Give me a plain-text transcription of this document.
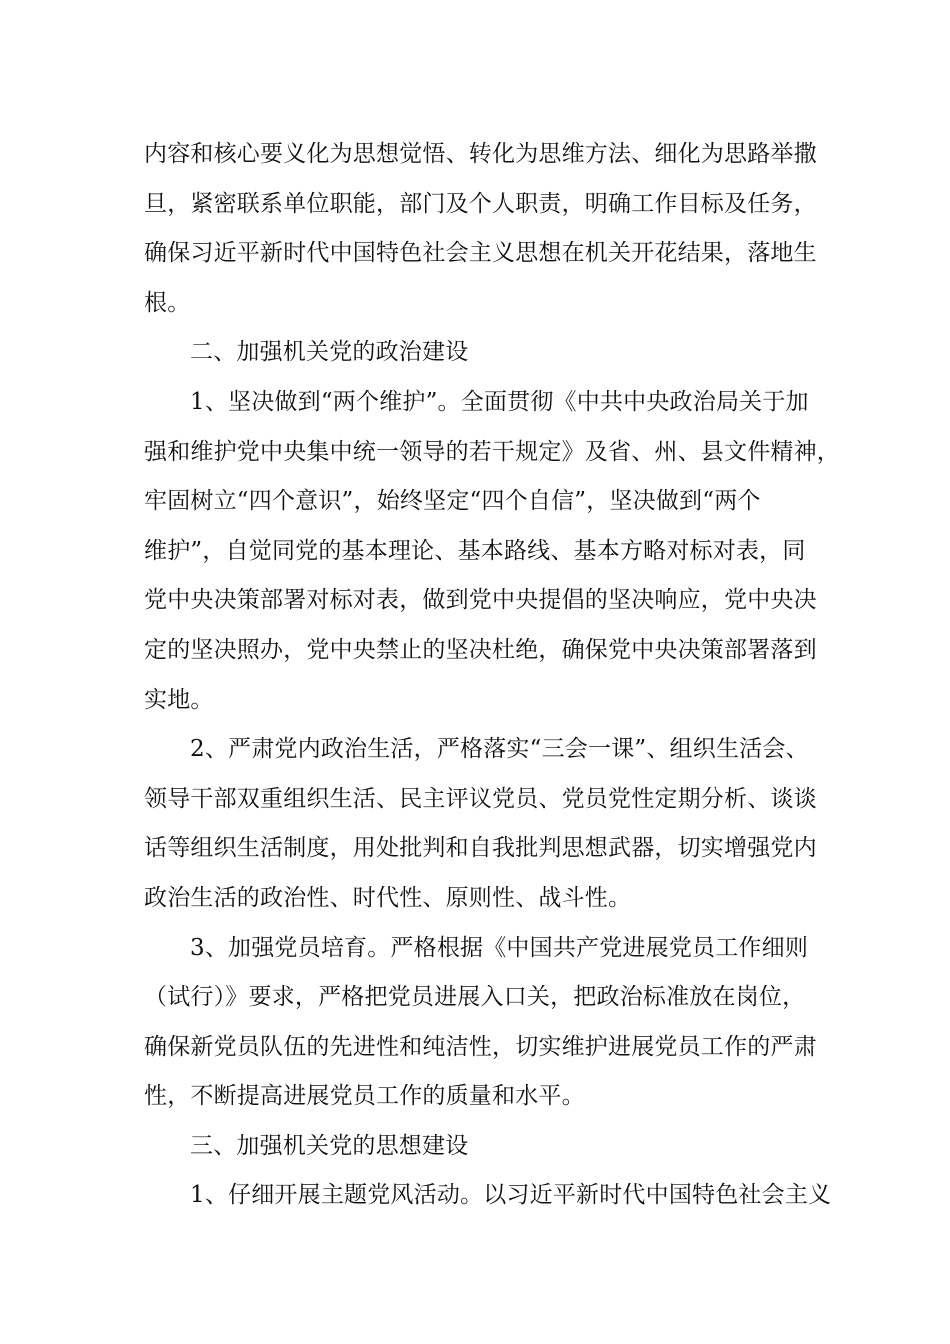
内容和核心要义化为思想觉悟、转化为思维方法、细化为思路举撒
旦，紧密联系单位职能，部门及个人职责，明确工作目标及任务，
确保习近平新时代中国特色社会主义思想在机关开花结果，落地生
根。
二、加强机关党的政治建设
1、坚决做到“两个维护”。全面贯彻《中共中央政治局关于加
强和维护党中央集中统一领导的若干规定》及省、州、县文件精神，
牢固树立“四个意识”，始终坚定“四个自信”，坚决做到“两个
维护”，自觉同党的基本理论、基本路线、基本方略对标对表，同
党中央决策部署对标对表，做到党中央提倡的坚决响应，党中央决
定的坚决照办，党中央禁止的坚决杜绝，确保党中央决策部署落到
实地。
2、严肃党内政治生活，严格落实“三会一课”、组织生活会、
领导干部双重组织生活、民主评议党员、党员党性定期分析、谈谈
话等组织生活制度，用处批判和自我批判思想武器，切实增强党内
政治生活的政治性、时代性、原则性、战斗性。
3、加强党员培育。严格根据《中国共产党进展党员工作细则
（试行）》要求，严格把党员进展入口关，把政治标准放在岗位，
确保新党员队伍的先进性和纯洁性，切实维护进展党员工作的严肃
性，不断提高进展党员工作的质量和水平。
三、加强机关党的思想建设
1、仔细开展主题党风活动。以习近平新时代中国特色社会主义
